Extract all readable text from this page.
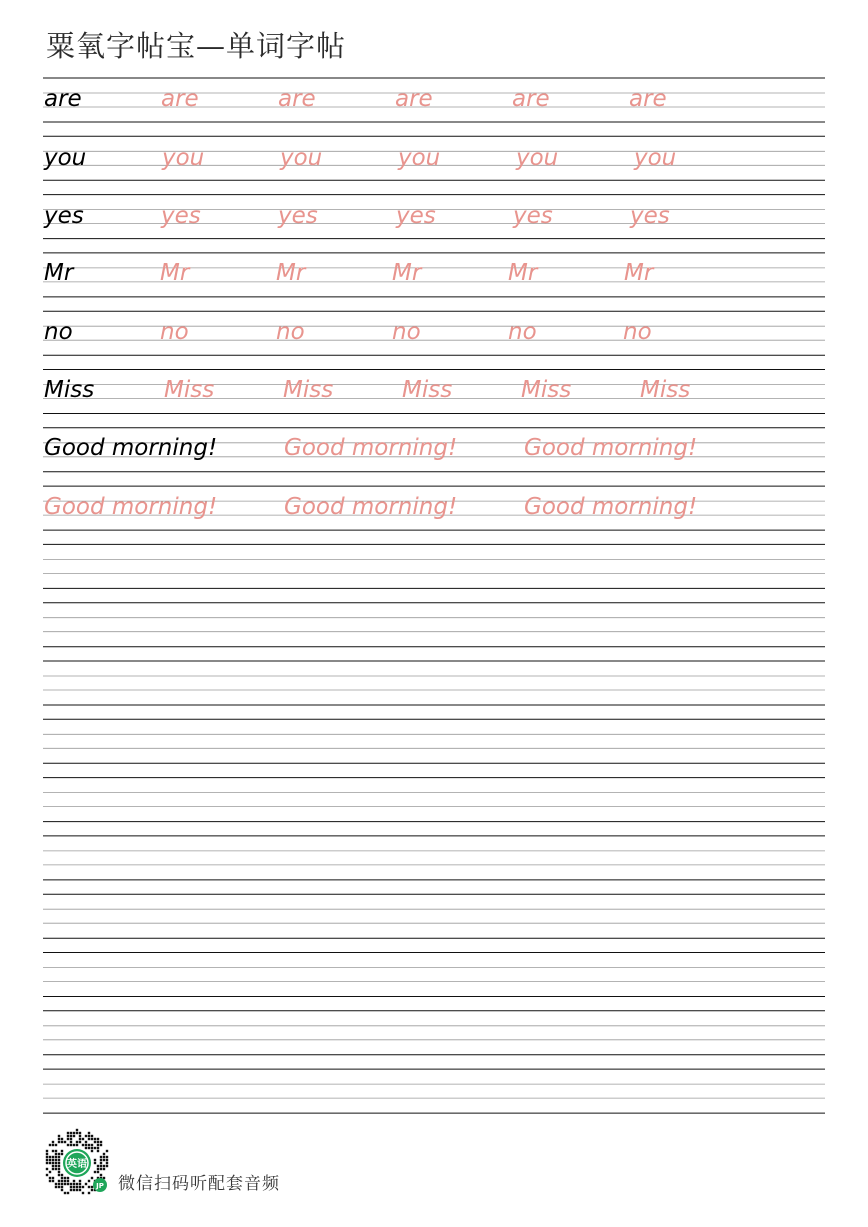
粟氧字帖宝—单词字帖
are	are	are	are	are	are
you	you	you	you	you	you
yes	yes	yes	yes	yes	yes
Mr	Mr	Mr	Mr	Mr	Mr
no	no	no	no	no	no
Miss	Miss	Miss	Miss	Miss	Miss
Good morning!	Good morning!	Good morning!
Good morning!	Good morning!	Good morning!
英语
JP 微信扫码听配套音频
